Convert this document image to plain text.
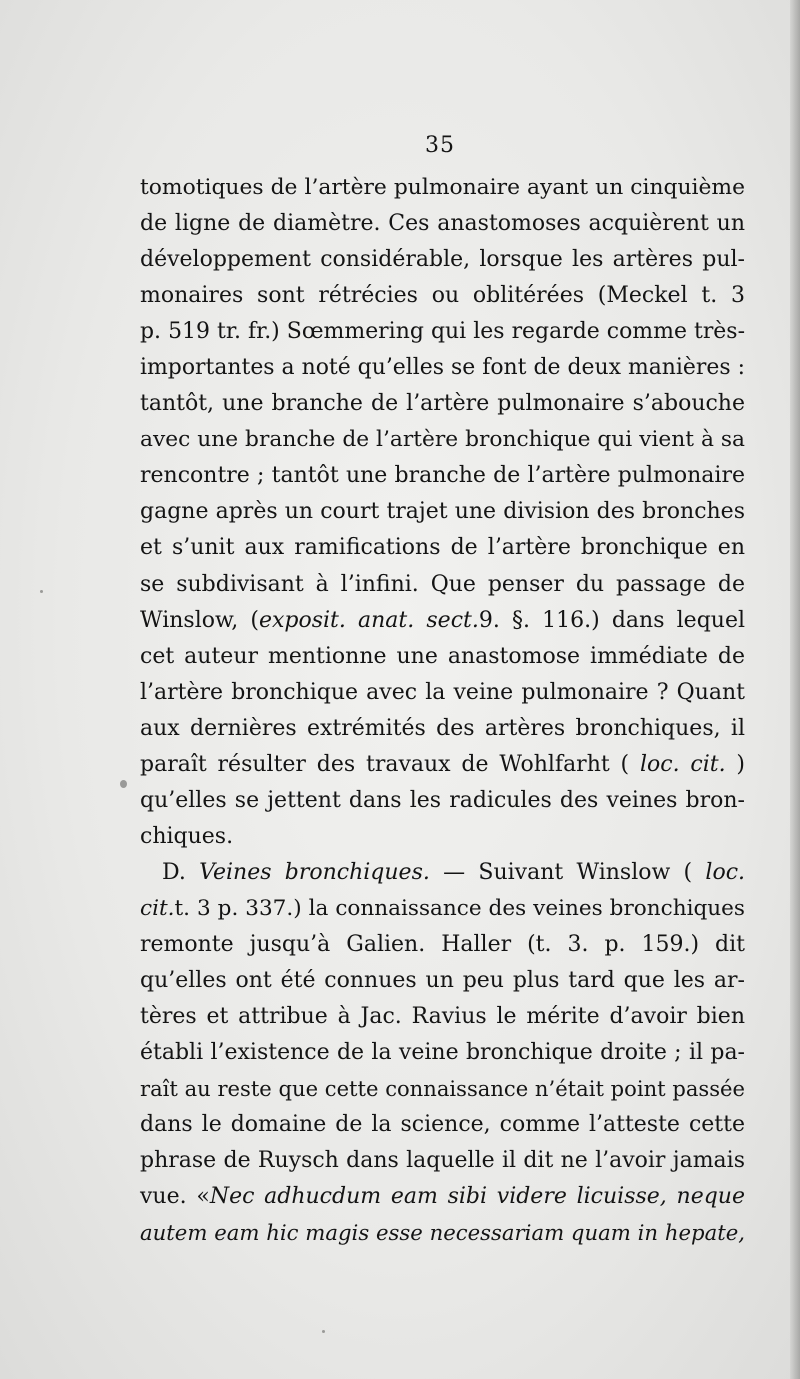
35
tomotiques de l’artère pulmonaire ayant un cinquième
de ligne de diamètre. Ces anastomoses acquièrent un
développement considérable, lorsque les artères pul-
monaires sont rétrécies ou oblitérées (Meckel t. 3
p. 519 tr. fr.) Sœmmering qui les regarde comme très-
importantes a noté qu’elles se font de deux manières :
tantôt, une branche de l’artère pulmonaire s’abouche
avec une branche de l’artère bronchique qui vient à sa
rencontre ; tantôt une branche de l’artère pulmonaire
gagne après un court trajet une division des bronches
et s’unit aux ramifications de l’artère bronchique en
se subdivisant à l’infini. Que penser du passage de
Winslow, (exposit. anat. sect.9. §. 116.) dans lequel
cet auteur mentionne une anastomose immédiate de
l’artère bronchique avec la veine pulmonaire ? Quant
aux dernières extrémités des artères bronchiques, il
paraît résulter des travaux de Wohlfarht ( loc. cit. )
qu’elles se jettent dans les radicules des veines bron-
chiques.
D. Veines bronchiques. — Suivant Winslow ( loc.
cit.t. 3 p. 337.) la connaissance des veines bronchiques
remonte jusqu’à Galien. Haller (t. 3. p. 159.) dit
qu’elles ont été connues un peu plus tard que les ar-
tères et attribue à Jac. Ravius le mérite d’avoir bien
établi l’existence de la veine bronchique droite ; il pa-
raît au reste que cette connaissance n’était point passée
dans le domaine de la science, comme l’atteste cette
phrase de Ruysch dans laquelle il dit ne l’avoir jamais
vue. «Nec adhucdum eam sibi videre licuisse, neque
autem eam hic magis esse necessariam quam in hepate,
